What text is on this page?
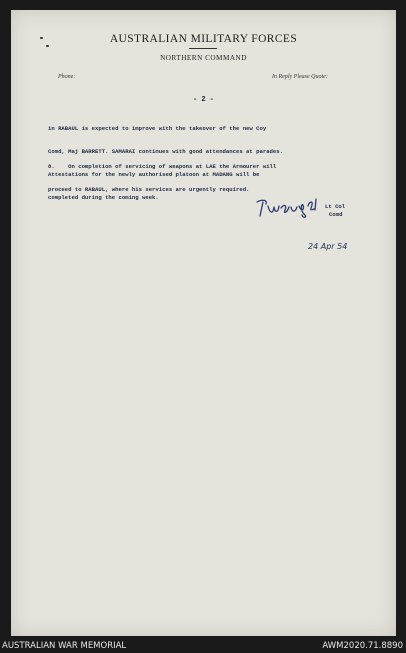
AUSTRALIAN MILITARY FORCES
NORTHERN COMMAND
Phone:	In Reply Please Quote:
- 2 -

in RABAUL is expected to improve with the takeover of the new Coy

Comd, Maj BARRETT. SAMARAI continues with good attendances at parades.

Attestations for the newly authorised platoon at MADANG will be

completed during the coming week.

8.    On completion of servicing of weapons at LAE the Armourer will

proceed to RABAUL, where his services are urgently required.

Lt Col
Comd
24 Apr 54
AUSTRALIAN WAR MEMORIAL	AWM2020.71.8890
